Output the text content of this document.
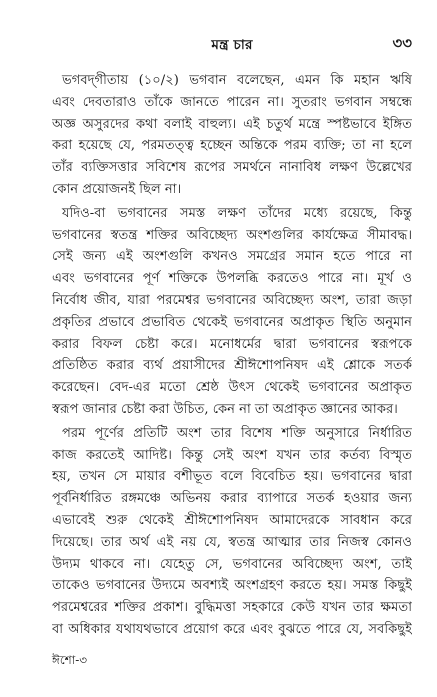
মন্ত্র চার	৩৩
ভগবদ্‌গীতায় (১০/২) ভগবান বলেছেন, এমন কি মহান ঋষি
এবং দেবতারাও তাঁকে জানতে পারেন না। সুতরাং ভগবান সম্বন্ধে
অজ্ঞ অসুরদের কথা বলাই বাহুল্য। এই চতুর্থ মন্ত্রে স্পষ্টভাবে ইঙ্গিত
করা হয়েছে যে, পরমতত্ত্ব হচ্ছেন অন্তিকে পরম ব্যক্তি; তা না হলে
তাঁর ব্যক্তিসত্তার সবিশেষ রূপের সমর্থনে নানাবিধ লক্ষণ উল্লেখের
কোন প্রয়োজনই ছিল না।
যদিও-বা ভগবানের সমস্ত লক্ষণ তাঁদের মধ্যে রয়েছে, কিন্তু
ভগবানের স্বতন্ত্র শক্তির অবিচ্ছেদ্য অংশগুলির কার্যক্ষেত্র সীমাবদ্ধ।
সেই জন্য এই অংশগুলি কখনও সমগ্রের সমান হতে পারে না
এবং ভগবানের পূর্ণ শক্তিকে উপলব্ধি করতেও পারে না। মূর্খ ও
নির্বোধ জীব, যারা পরমেশ্বর ভগবানের অবিচ্ছেদ্য অংশ, তারা জড়া
প্রকৃতির প্রভাবে প্রভাবিত থেকেই ভগবানের অপ্রাকৃত স্থিতি অনুমান
করার বিফল চেষ্টা করে। মনোধর্মের দ্বারা ভগবানের স্বরূপকে
প্রতিষ্ঠিত করার ব্যর্থ প্রয়াসীদের শ্রীঈশোপনিষদ এই শ্লোকে সতর্ক
করেছেন। বেদ-এর মতো শ্রেষ্ঠ উৎস থেকেই ভগবানের অপ্রাকৃত
স্বরূপ জানার চেষ্টা করা উচিত, কেন না তা অপ্রাকৃত জ্ঞানের আকর।
পরম পূর্ণের প্রতিটি অংশ তার বিশেষ শক্তি অনুসারে নির্ধারিত
কাজ করতেই আদিষ্ট। কিন্তু সেই অংশ যখন তার কর্তব্য বিস্মৃত
হয়, তখন সে মায়ার বশীভূত বলে বিবেচিত হয়। ভগবানের দ্বারা
পূর্বনির্ধারিত রঙ্গমঞ্চে অভিনয় করার ব্যাপারে সতর্ক হওয়ার জন্য
এভাবেই শুরু থেকেই শ্রীঈশোপনিষদ আমাদেরকে সাবধান করে
দিয়েছে। তার অর্থ এই নয় যে, স্বতন্ত্র আত্মার তার নিজস্ব কোনও
উদ্যম থাকবে না। যেহেতু সে, ভগবানের অবিচ্ছেদ্য অংশ, তাই
তাকেও ভগবানের উদ্যমে অবশ্যই অংশগ্রহণ করতে হয়। সমস্ত কিছুই
পরমেশ্বরের শক্তির প্রকাশ। বুদ্ধিমত্তা সহকারে কেউ যখন তার ক্ষমতা
বা অধিকার যথাযথভাবে প্রয়োগ করে এবং বুঝতে পারে যে, সবকিছুই
ঈশো-৩
